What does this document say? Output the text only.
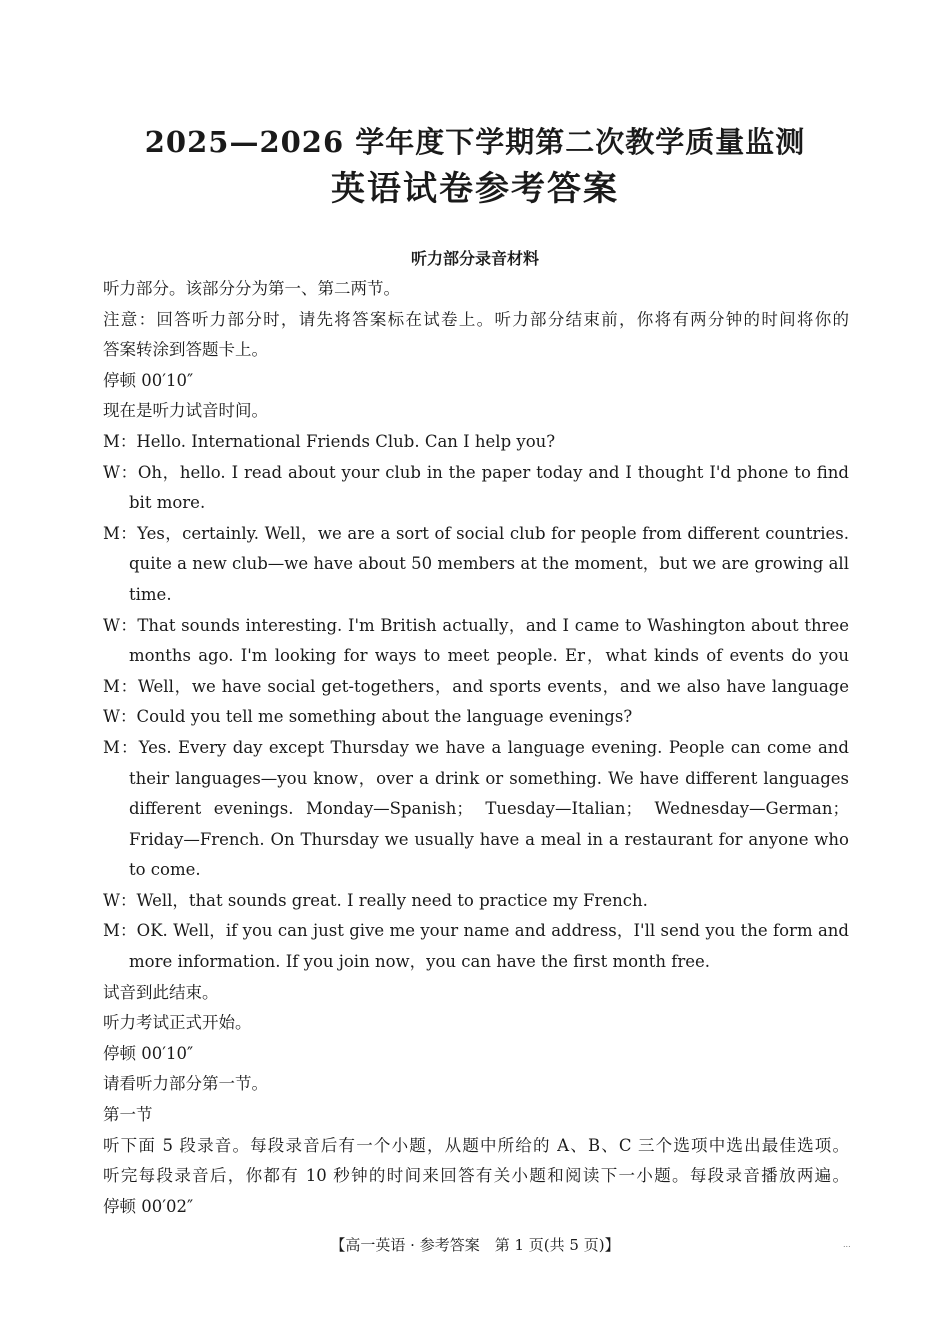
2025—2026 学年度下学期第二次教学质量监测
英语试卷参考答案
听力部分录音材料
听力部分。该部分分为第一、第二两节。
注意：回答听力部分时，请先将答案标在试卷上。听力部分结束前，你将有两分钟的时间将你的
答案转涂到答题卡上。
停顿 00′10″
现在是听力试音时间。
M：Hello. International Friends Club. Can I help you?
W：Oh，hello. I read about your club in the paper today and I thought I'd phone to find
bit more.
M：Yes，certainly. Well，we are a sort of social club for people from different countries.
quite a new club—we have about 50 members at the moment，but we are growing all
time.
W：That sounds interesting. I'm British actually，and I came to Washington about three
months ago. I'm looking for ways to meet people. Er，what kinds of events do you
M：Well，we have social get-togethers，and sports events，and we also have language
W：Could you tell me something about the language evenings?
M：Yes. Every day except Thursday we have a language evening. People can come and
their languages—you know，over a drink or something. We have different languages
different evenings. Monday—Spanish； Tuesday—Italian； Wednesday—German；
Friday—French. On Thursday we usually have a meal in a restaurant for anyone who
to come.
W：Well，that sounds great. I really need to practice my French.
M：OK. Well，if you can just give me your name and address，I'll send you the form and
more information. If you join now，you can have the first month free.
试音到此结束。
听力考试正式开始。
停顿 00′10″
请看听力部分第一节。
第一节
听下面 5 段录音。每段录音后有一个小题，从题中所给的 A、B、C 三个选项中选出最佳选项。
听完每段录音后，你都有 10 秒钟的时间来回答有关小题和阅读下一小题。每段录音播放两遍。
停顿 00′02″
【高一英语 · 参考答案　第 1 页(共 5 页)】	...
